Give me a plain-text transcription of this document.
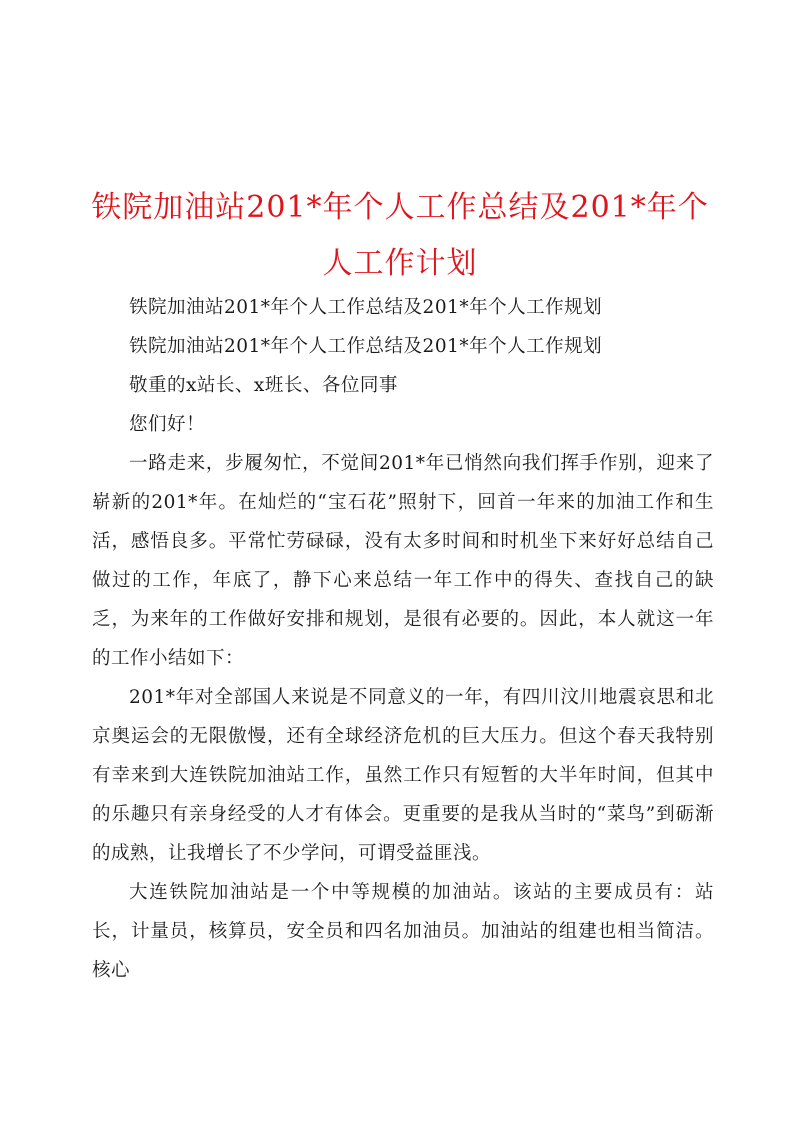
铁院加油站201*年个人工作总结及201*年个人工作计划

铁院加油站201*年个人工作总结及201*年个人工作规划

铁院加油站201*年个人工作总结及201*年个人工作规划

敬重的x站长、x班长、各位同事

您们好！

一路走来，步履匆忙，不觉间201*年已悄然向我们挥手作别，迎来了崭新的201*年。在灿烂的“宝石花”照射下，回首一年来的加油工作和生活，感悟良多。平常忙劳碌碌，没有太多时间和时机坐下来好好总结自己做过的工作，年底了，静下心来总结一年工作中的得失、查找自己的缺乏，为来年的工作做好安排和规划，是很有必要的。因此，本人就这一年的工作小结如下：

201*年对全部国人来说是不同意义的一年，有四川汶川地震哀思和北京奥运会的无限傲慢，还有全球经济危机的巨大压力。但这个春天我特别有幸来到大连铁院加油站工作，虽然工作只有短暂的大半年时间，但其中的乐趣只有亲身经受的人才有体会。更重要的是我从当时的“菜鸟”到砺渐的成熟，让我增长了不少学问，可谓受益匪浅。

大连铁院加油站是一个中等规模的加油站。该站的主要成员有：站长，计量员，核算员，安全员和四名加油员。加油站的组建也相当简洁。核心
